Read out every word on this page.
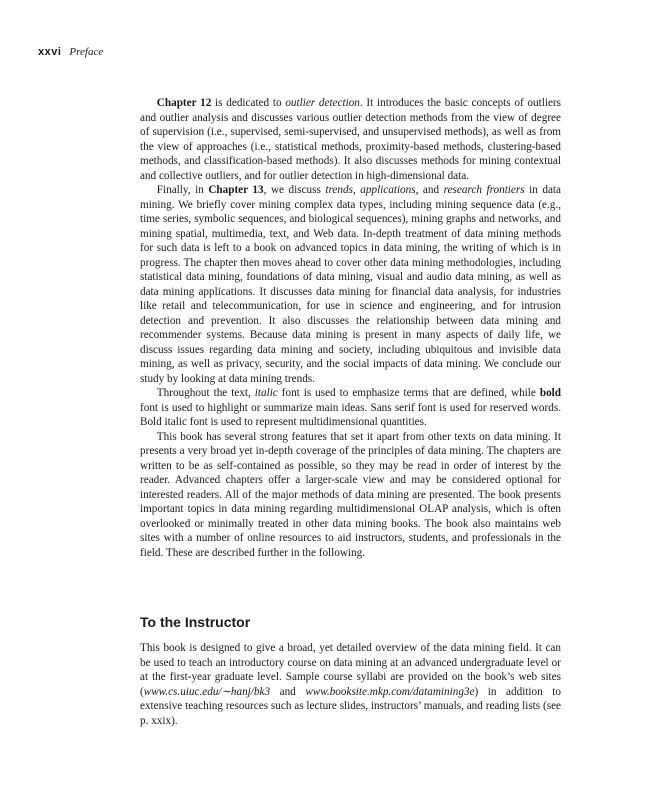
xxvi Preface

Chapter 12 is dedicated to outlier detection. It introduces the basic concepts of outliers and outlier analysis and discusses various outlier detection methods from the view of degree of supervision (i.e., supervised, semi-supervised, and unsupervised methods), as well as from the view of approaches (i.e., statistical methods, proximity-based methods, clustering-based methods, and classification-based methods). It also discusses methods for mining contextual and collective outliers, and for outlier detection in high-dimensional data.

Finally, in Chapter 13, we discuss trends, applications, and research frontiers in data mining. We briefly cover mining complex data types, including mining sequence data (e.g., time series, symbolic sequences, and biological sequences), mining graphs and networks, and mining spatial, multimedia, text, and Web data. In-depth treatment of data mining methods for such data is left to a book on advanced topics in data mining, the writing of which is in progress. The chapter then moves ahead to cover other data mining methodologies, including statistical data mining, foundations of data mining, visual and audio data mining, as well as data mining applications. It discusses data mining for financial data analysis, for industries like retail and telecommunication, for use in science and engineering, and for intrusion detection and prevention. It also discusses the relationship between data mining and recommender systems. Because data mining is present in many aspects of daily life, we discuss issues regarding data mining and society, including ubiquitous and invisible data mining, as well as privacy, security, and the social impacts of data mining. We conclude our study by looking at data mining trends.

Throughout the text, italic font is used to emphasize terms that are defined, while bold font is used to highlight or summarize main ideas. Sans serif font is used for reserved words. Bold italic font is used to represent multidimensional quantities.

This book has several strong features that set it apart from other texts on data mining. It presents a very broad yet in-depth coverage of the principles of data mining. The chapters are written to be as self-contained as possible, so they may be read in order of interest by the reader. Advanced chapters offer a larger-scale view and may be considered optional for interested readers. All of the major methods of data mining are presented. The book presents important topics in data mining regarding multidimensional OLAP analysis, which is often overlooked or minimally treated in other data mining books. The book also maintains web sites with a number of online resources to aid instructors, students, and professionals in the field. These are described further in the following.

To the Instructor

This book is designed to give a broad, yet detailed overview of the data mining field. It can be used to teach an introductory course on data mining at an advanced undergraduate level or at the first-year graduate level. Sample course syllabi are provided on the book’s web sites (www.cs.uiuc.edu/∼hanj/bk3 and www.booksite.mkp.com/datamining3e) in addition to extensive teaching resources such as lecture slides, instructors’ manuals, and reading lists (see p. xxix).
